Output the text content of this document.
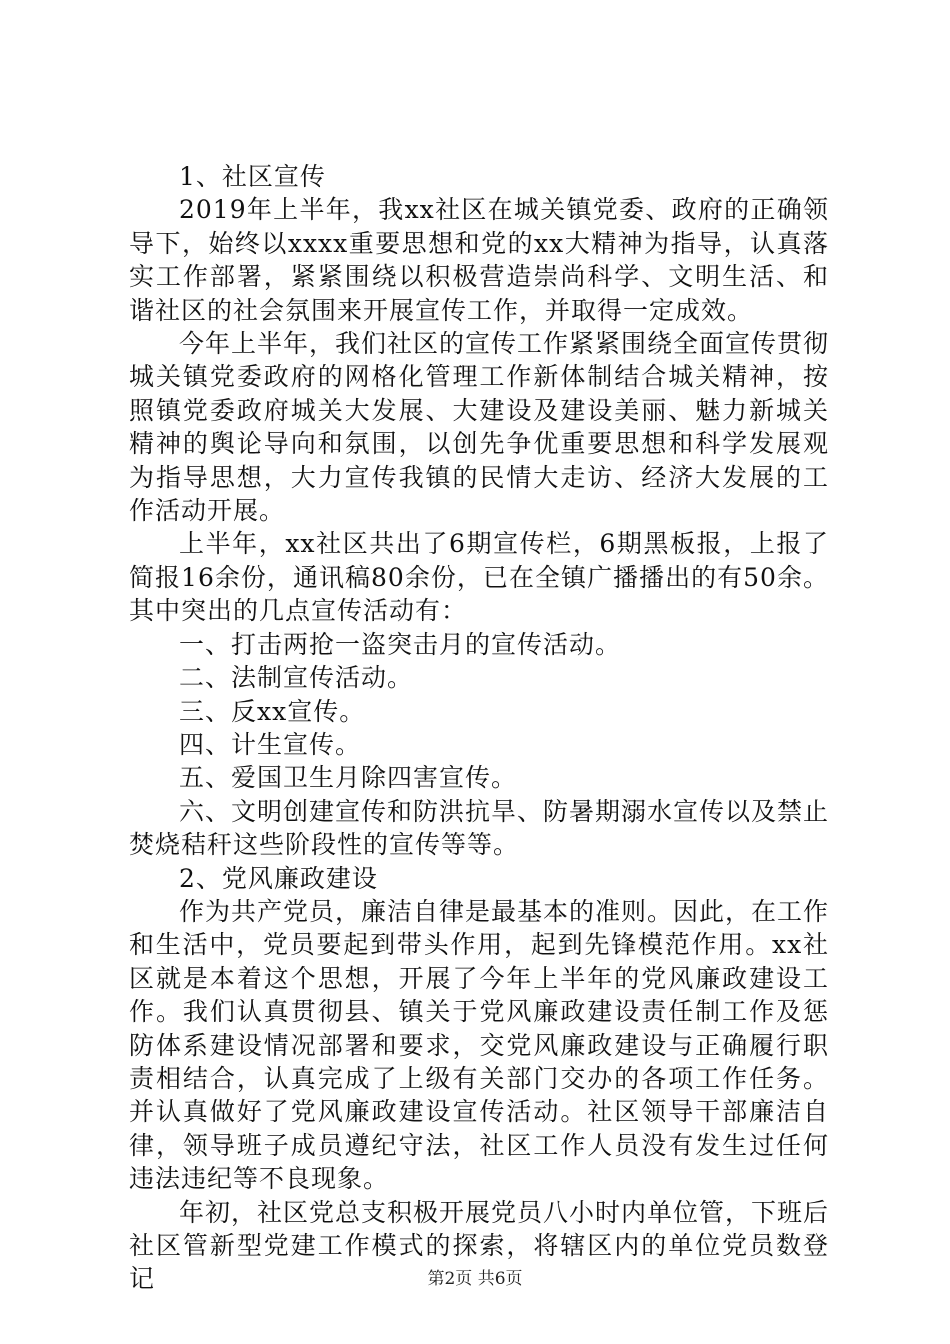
1、社区宣传

2019年上半年，我xx社区在城关镇党委、政府的正确领导下，始终以xxxx重要思想和党的xx大精神为指导，认真落实工作部署，紧紧围绕以积极营造崇尚科学、文明生活、和谐社区的社会氛围来开展宣传工作，并取得一定成效。

今年上半年，我们社区的宣传工作紧紧围绕全面宣传贯彻城关镇党委政府的网格化管理工作新体制结合城关精神，按照镇党委政府城关大发展、大建设及建设美丽、魅力新城关精神的舆论导向和氛围，以创先争优重要思想和科学发展观为指导思想，大力宣传我镇的民情大走访、经济大发展的工作活动开展。

上半年，xx社区共出了6期宣传栏，6期黑板报，上报了简报16余份，通讯稿80余份，已在全镇广播播出的有50余。其中突出的几点宣传活动有：

一、打击两抢一盗突击月的宣传活动。

二、法制宣传活动。

三、反xx宣传。

四、计生宣传。

五、爱国卫生月除四害宣传。

六、文明创建宣传和防洪抗旱、防暑期溺水宣传以及禁止焚烧秸秆这些阶段性的宣传等等。

2、党风廉政建设

作为共产党员，廉洁自律是最基本的准则。因此，在工作和生活中，党员要起到带头作用，起到先锋模范作用。xx社区就是本着这个思想，开展了今年上半年的党风廉政建设工作。我们认真贯彻县、镇关于党风廉政建设责任制工作及惩防体系建设情况部署和要求，交党风廉政建设与正确履行职责相结合，认真完成了上级有关部门交办的各项工作任务。并认真做好了党风廉政建设宣传活动。社区领导干部廉洁自律，领导班子成员遵纪守法，社区工作人员没有发生过任何违法违纪等不良现象。

年初，社区党总支积极开展党员八小时内单位管，下班后社区管新型党建工作模式的探索，将辖区内的单位党员数登记	第2页 共6页
